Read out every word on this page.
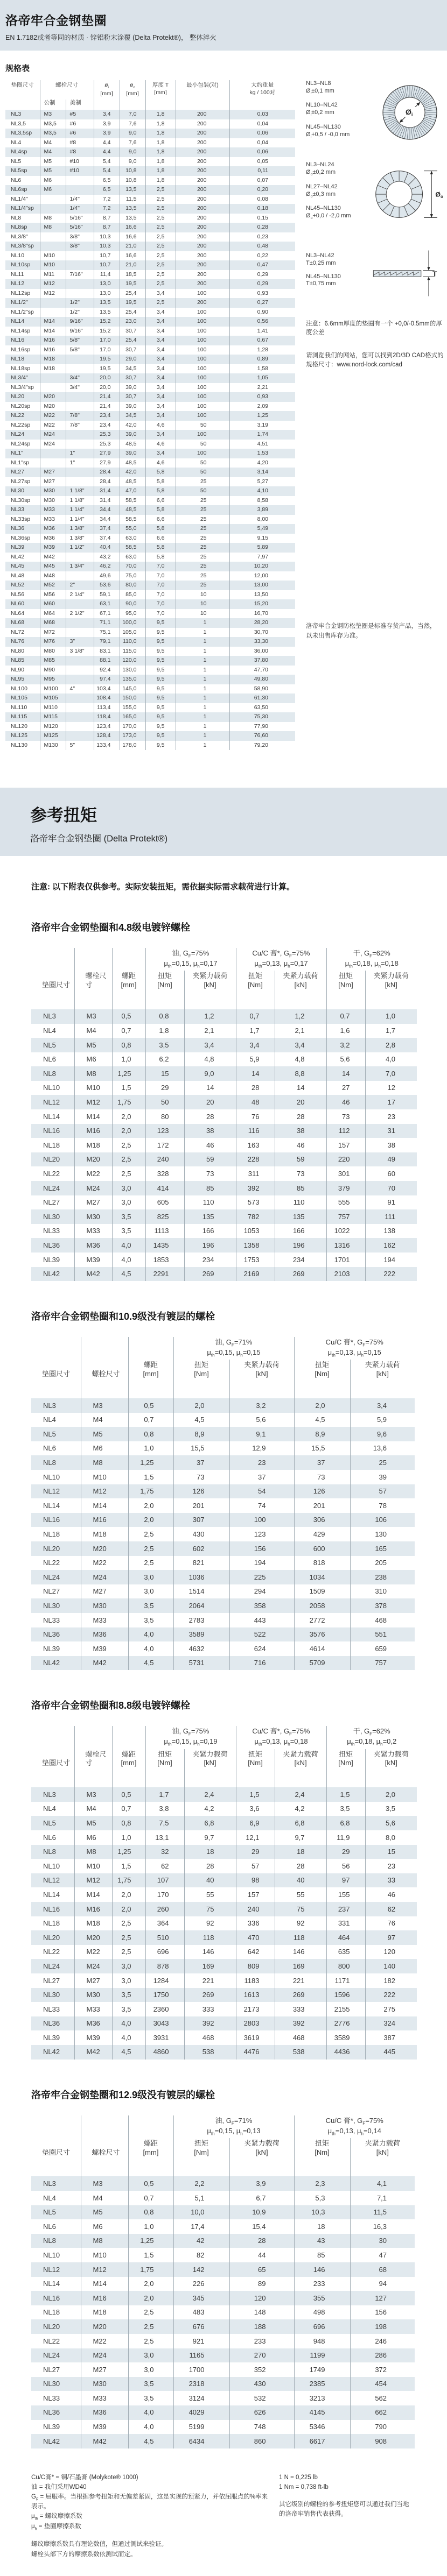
洛帝牢合金钢垫圈
EN 1.7182或者等同的材质 · 锌铝粉末涂覆 (Delta Protekt®)， 整体淬火
规格表
垫圈尺寸	螺栓尺寸		$ø_i$
[mm]	$ø_o$
[mm]	厚度 T
[mm]	最小包装(对)	大约重量
kg / 100对
	公制	美制					
NL3	M3	#5	3,4	7,0	1,8	200	0,03
NL3,5	M3,5	#6	3,9	7,6	1,8	200	0,04
NL3,5sp	M3,5	#6	3,9	9,0	1,8	200	0,06
NL4	M4	#8	4,4	7,6	1,8	200	0,04
NL4sp	M4	#8	4,4	9,0	1,8	200	0,06
NL5	M5	#10	5,4	9,0	1,8	200	0,05
NL5sp	M5	#10	5,4	10,8	1,8	200	0,11
NL6	M6		6,5	10,8	1,8	200	0,07
NL6sp	M6		6,5	13,5	2,5	200	0,20
NL1/4"		1/4"	7,2	11,5	2,5	200	0,08
NL1/4"sp		1/4"	7,2	13,5	2,5	200	0,18
NL8	M8	5/16"	8,7	13,5	2,5	200	0,15
NL8sp	M8	5/16"	8,7	16,6	2,5	200	0,28
NL3/8"		3/8"	10,3	16,6	2,5	200	0,23
NL3/8"sp		3/8"	10,3	21,0	2,5	200	0,48
NL10	M10		10,7	16,6	2,5	200	0,22
NL10sp	M10		10,7	21,0	2,5	200	0,47
NL11	M11	7/16"	11,4	18,5	2,5	200	0,29
NL12	M12		13,0	19,5	2,5	200	0,29
NL12sp	M12		13,0	25,4	3,4	100	0,93
NL1/2"		1/2"	13,5	19,5	2,5	200	0,27
NL1/2"sp		1/2"	13,5	25,4	3,4	100	0,90
NL14	M14	9/16"	15,2	23,0	3,4	100	0,56
NL14sp	M14	9/16"	15,2	30,7	3,4	100	1,41
NL16	M16	5/8"	17,0	25,4	3,4	100	0,67
NL16sp	M16	5/8"	17,0	30,7	3,4	100	1,28
NL18	M18		19,5	29,0	3,4	100	0,89
NL18sp	M18		19,5	34,5	3,4	100	1,58
NL3/4"		3/4"	20,0	30,7	3,4	100	1,05
NL3/4"sp		3/4"	20,0	39,0	3,4	100	2,21
NL20	M20		21,4	30,7	3,4	100	0,93
NL20sp	M20		21,4	39,0	3,4	100	2,09
NL22	M22	7/8"	23,4	34,5	3,4	100	1,25
NL22sp	M22	7/8"	23,4	42,0	4,6	50	3,19
NL24	M24		25,3	39,0	3,4	100	1,74
NL24sp	M24		25,3	48,5	4,6	50	4,51
NL1"		1"	27,9	39,0	3,4	100	1,53
NL1"sp		1"	27,9	48,5	4,6	50	4,20
NL27	M27		28,4	42,0	5,8	50	3,14
NL27sp	M27		28,4	48,5	5,8	25	5,27
NL30	M30	1 1/8"	31,4	47,0	5,8	50	4,10
NL30sp	M30	1 1/8"	31,4	58,5	6,6	25	8,58
NL33	M33	1 1/4"	34,4	48,5	5,8	25	3,89
NL33sp	M33	1 1/4"	34,4	58,5	6,6	25	8,00
NL36	M36	1 3/8"	37,4	55,0	5,8	25	5,49
NL36sp	M36	1 3/8"	37,4	63,0	6,6	25	9,15
NL39	M39	1 1/2"	40,4	58,5	5,8	25	5,89
NL42	M42		43,2	63,0	5,8	25	7,97
NL45	M45	1 3/4"	46,2	70,0	7,0	25	10,20
NL48	M48		49,6	75,0	7,0	25	12,00
NL52	M52	2"	53,6	80,0	7,0	25	13,00
NL56	M56	2 1/4"	59,1	85,0	7,0	10	13,50
NL60	M60		63,1	90,0	7,0	10	15,20
NL64	M64	2 1/2"	67,1	95,0	7,0	10	16,70
NL68	M68		71,1	100,0	9,5	1	28,20
NL72	M72		75,1	105,0	9,5	1	30,70
NL76	M76	3"	79,1	110,0	9,5	1	33,30
NL80	M80	3 1/8"	83,1	115,0	9,5	1	36,00
NL85	M85		88,1	120,0	9,5	1	37,80
NL90	M90		92,4	130,0	9,5	1	47,70
NL95	M95		97,4	135,0	9,5	1	49,80
NL100	M100	4"	103,4	145,0	9,5	1	58,90
NL105	M105		108,4	150,0	9,5	1	61,30
NL110	M110		113,4	155,0	9,5	1	63,50
NL115	M115		118,4	165,0	9,5	1	75,30
NL120	M120		123,4	170,0	9,5	1	77,90
NL125	M125		128,4	173,0	9,5	1	76,60
NL130	M130	5"	133,4	178,0	9,5	1	79,20
NL3–NL8
$Ø_i\pm 0,1$ mm
NL10–NL42
$Ø_i\pm 0,2$ mm
NL45–NL130
$Ø_i+0,5 / -0,0$ mm
$Ø_i$
NL3–NL24
$Ø_o\pm 0,2$ mm
NL27–NL42
$Ø_o\pm 0,3$ mm
NL45–NL130
$Ø_o+0,0 / -2,0$ mm
$Ø_o$
NL3–NL42
T±0,25 mm
NL45–NL130
T±0,75 mm
T
注意：6.6mm厚度的垫圈有一个 +0,0/-0.5mm的厚度公差
请浏览我们的网站，您可以找到2D/3D CAD格式的规格尺寸：www.nord-lock.com/cad
洛帝牢合金钢防松垫圈是标准存货产品，当然，以未出售库存为准。
参考扭矩
洛帝牢合金钢垫圈 (Delta Protekt®)
注意: 以下附表仅供参考。实际安装扭矩，需依据实际需求载荷进行计算。
洛帝牢合金钢垫圈和4.8级电镀锌螺栓
垫圈尺寸	螺栓尺寸	螺距
[mm]	油, $G_F=75\%$
$\mu_{th}=0,15$, $\mu_h=0,17$		Cu/C 膏*, $G_F=75\%$
$\mu_{th}=0,13$, $\mu_h=0,17$		干, $G_F=62\%$
$\mu_{th}=0,18$, $\mu_h=0,18$	
			扭矩
[Nm]	夹紧力载荷
[kN]	扭矩
[Nm]	夹紧力载荷
[kN]	扭矩
[Nm]	夹紧力载荷
[kN]
NL3	M3	0,5	0,8	1,2	0,7	1,2	0,7	1,0
NL4	M4	0,7	1,8	2,1	1,7	2,1	1,6	1,7
NL5	M5	0,8	3,5	3,4	3,4	3,4	3,2	2,8
NL6	M6	1,0	6,2	4,8	5,9	4,8	5,6	4,0
NL8	M8	1,25	15	9,0	14	8,8	14	7,0
NL10	M10	1,5	29	14	28	14	27	12
NL12	M12	1,75	50	20	48	20	46	17
NL14	M14	2,0	80	28	76	28	73	23
NL16	M16	2,0	123	38	116	38	112	31
NL18	M18	2,5	172	46	163	46	157	38
NL20	M20	2,5	240	59	228	59	220	49
NL22	M22	2,5	328	73	311	73	301	60
NL24	M24	3,0	414	85	392	85	379	70
NL27	M27	3,0	605	110	573	110	555	91
NL30	M30	3,5	825	135	782	135	757	111
NL33	M33	3,5	1113	166	1053	166	1022	138
NL36	M36	4,0	1435	196	1358	196	1316	162
NL39	M39	4,0	1853	234	1753	234	1701	194
NL42	M42	4,5	2291	269	2169	269	2103	222
洛帝牢合金钢垫圈和10.9级没有镀层的螺栓
垫圈尺寸	螺栓尺寸	螺距
[mm]	油, $G_F=71\%$
$\mu_{th}=0,15$, $\mu_h=0,15$		Cu/C 膏*, $G_F=75\%$
$\mu_{th}=0,13$, $\mu_h=0,15$	
			扭矩
[Nm]	夹紧力载荷
[kN]	扭矩
[Nm]	夹紧力载荷
[kN]
NL3	M3	0,5	2,0	3,2	2,0	3,4
NL4	M4	0,7	4,5	5,6	4,5	5,9
NL5	M5	0,8	8,9	9,1	8,9	9,6
NL6	M6	1,0	15,5	12,9	15,5	13,6
NL8	M8	1,25	37	23	37	25
NL10	M10	1,5	73	37	73	39
NL12	M12	1,75	126	54	126	57
NL14	M14	2,0	201	74	201	78
NL16	M16	2,0	307	100	306	106
NL18	M18	2,5	430	123	429	130
NL20	M20	2,5	602	156	600	165
NL22	M22	2,5	821	194	818	205
NL24	M24	3,0	1036	225	1034	238
NL27	M27	3,0	1514	294	1509	310
NL30	M30	3,5	2064	358	2058	378
NL33	M33	3,5	2783	443	2772	468
NL36	M36	4,0	3589	522	3576	551
NL39	M39	4,0	4632	624	4614	659
NL42	M42	4,5	5731	716	5709	757
洛帝牢合金钢垫圈和8.8级电镀锌螺栓
垫圈尺寸	螺栓尺寸	螺距
[mm]	油, $G_F=75\%$
$\mu_{th}=0,15$, $\mu_h=0,19$		Cu/C 膏*, $G_F=75\%$
$\mu_{th}=0,13$, $\mu_h=0,18$		干, $G_F=62\%$
$\mu_{th}=0,18$, $\mu_h=0,2$	
			扭矩
[Nm]	夹紧力载荷
[kN]	扭矩
[Nm]	夹紧力载荷
[kN]	扭矩
[Nm]	夹紧力载荷
[kN]
NL3	M3	0,5	1,7	2,4	1,5	2,4	1,5	2,0
NL4	M4	0,7	3,8	4,2	3,6	4,2	3,5	3,5
NL5	M5	0,8	7,5	6,8	6,9	6,8	6,8	5,6
NL6	M6	1,0	13,1	9,7	12,1	9,7	11,9	8,0
NL8	M8	1,25	32	18	29	18	29	15
NL10	M10	1,5	62	28	57	28	56	23
NL12	M12	1,75	107	40	98	40	97	33
NL14	M14	2,0	170	55	157	55	155	46
NL16	M16	2,0	260	75	240	75	237	62
NL18	M18	2,5	364	92	336	92	331	76
NL20	M20	2,5	510	118	470	118	464	97
NL22	M22	2,5	696	146	642	146	635	120
NL24	M24	3,0	878	169	809	169	800	140
NL27	M27	3,0	1284	221	1183	221	1171	182
NL30	M30	3,5	1750	269	1613	269	1596	222
NL33	M33	3,5	2360	333	2173	333	2155	275
NL36	M36	4,0	3043	392	2803	392	2776	324
NL39	M39	4,0	3931	468	3619	468	3589	387
NL42	M42	4,5	4860	538	4476	538	4436	445
洛帝牢合金钢垫圈和12.9级没有镀层的螺栓
垫圈尺寸	螺栓尺寸	螺距
[mm]	油, $G_F=71\%$
$\mu_{th}=0,15$, $\mu_h=0,13$		Cu/C 膏*, $G_F=75\%$
$\mu_{th}=0,13$, $\mu_h=0,14$	
			扭矩
[Nm]	夹紧力载荷
[kN]	扭矩
[Nm]	夹紧力载荷
[kN]
NL3	M3	0,5	2,2	3,9	2,3	4,1
NL4	M4	0,7	5,1	6,7	5,3	7,1
NL5	M5	0,8	10,0	10,9	10,3	11,5
NL6	M6	1,0	17,4	15,4	18	16,3
NL8	M8	1,25	42	28	43	30
NL10	M10	1,5	82	44	85	47
NL12	M12	1,75	142	65	146	68
NL14	M14	2,0	226	89	233	94
NL16	M16	2,0	345	120	355	127
NL18	M18	2,5	483	148	498	156
NL20	M20	2,5	676	188	696	198
NL22	M22	2,5	921	233	948	246
NL24	M24	3,0	1165	270	1199	286
NL27	M27	3,0	1700	352	1749	372
NL30	M30	3,5	2318	430	2385	454
NL33	M33	3,5	3124	532	3213	562
NL36	M36	4,0	4029	626	4145	662
NL39	M39	4,0	5199	748	5346	790
NL42	M42	4,5	6434	860	6617	908
Cu/C膏* = 铜/石墨膏 (Molykote® 1000)
油 = 我们采用WD40
$G_F$ = 屈服率。当根据参考扭矩和无偏差紧固，这是实现的预紧力，并依屈服点的%率来表示。
$\mu_{th}$ = 螺纹摩擦系数
$\mu_h$ = 垫圈摩擦系数
螺纹摩擦系数具有理论数值，但通过测试来验证。
螺栓头部下方的摩擦系数依测试而定。
1 N = 0,225 lb
1 Nm = 0,738 ft-lb
其它级别的螺栓的参考扭矩您可以通过我们当地的洛帝牢销售代表获得。
